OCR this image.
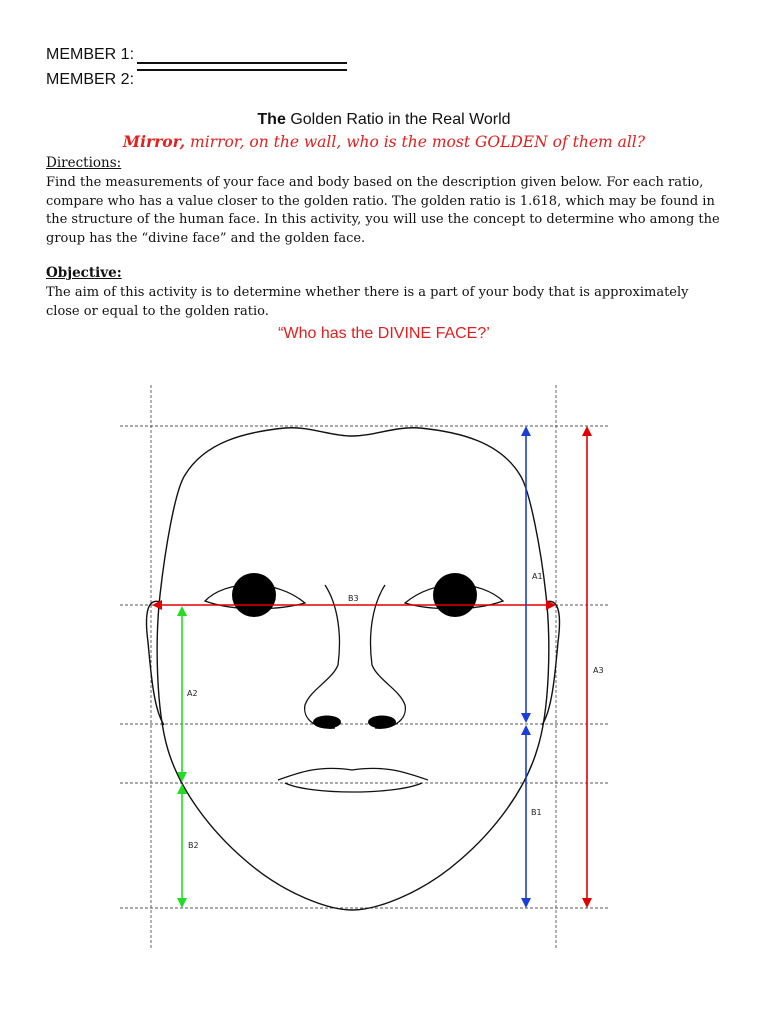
MEMBER 1:
MEMBER 2:
The Golden Ratio in the Real World
Mirror, mirror, on the wall, who is the most GOLDEN of them all?
Directions:
Find the measurements of your face and body based on the description given below. For each ratio, compare who has a value closer to the golden ratio. The golden ratio is 1.618, which may be found in the structure of the human face. In this activity, you will use the concept to determine who among the group has the “divine face” and the golden face.
Objective:
The aim of this activity is to determine whether there is a part of your body that is approximately close or equal to the golden ratio.
“Who has the DIVINE FACE?’
B3
A1
A3
A2
B1
B2
